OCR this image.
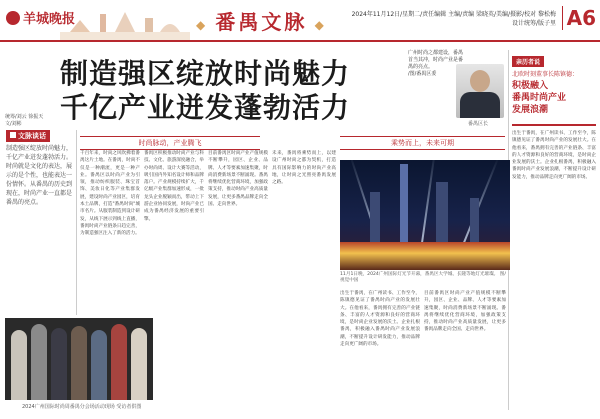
羊城晚报	◆ 番禺文脉 ◆
2024年11月12日/星期二/责任编辑 主编/责编 梁晓英/美编/摄影/校对 黎松梅
设计统筹/版子里 A6
制造强区绽放时尚魅力
千亿产业迸发蓬勃活力
统筹/刘云 徐振天
文/刘彬
广州时尚之都建设，番禺首当其冲，时尚产业是番禺的亮点。
/图/番禺区委
番禺区长
文脉谈话
制造强区绽放时尚魅力，千亿产业迸发蓬勃活力。时尚就是文化的表达，展示的是个性，也能表达一份情怀。从番禺的历史到现在，时尚产业一直都是番禺的亮点。
时尚脉动，产业腾飞	乘势而上，未来可期
千百年来，时尚之风吹拂着番禺这片土地。在番禺，时尚不仅是一种潮流，更是一种产业。番禺区以时尚产业为引领，推动纺织服装、珠宝首饰、美妆日化等产业集群发展，建设时尚产业园区，培育本土品牌，打造"番禺时尚"城市名片。从服装制造到设计研发，从线下展示到线上直播，番禺时尚产业链条日趋完善，为制造强区注入了新的活力。
番禺区积极推动时尚产业与科技、文化、旅游深度融合，举办时尚周、设计大赛等活动，吸引国内外知名设计师和品牌落户。产业规模持续扩大，千亿级产业集群加速形成，一批龙头企业脱颖而出，带动上下游企业协同发展，时尚产业已成为番禺经济发展的重要引擎。
目前番禺区时尚产业产值规模不断攀升，园区、企业、品牌、人才等要素加速集聚，时尚消费新场景不断涌现。番禺将继续优化营商环境，加强政策支持，推动时尚产业高质量发展，让更多番禺品牌走向全国、走向世界。
未来，番禺将乘势而上，以建设广州时尚之都为契机，打造具有国际影响力的时尚产业高地，让时尚之光照亮番禺发展之路。
出生于番禺，在广州读书、工作至今，陈镇德见证了番禺时尚产业的发展壮大。在他看来，番禺拥有完善的产业链条、丰富的人才资源和良好的营商环境，是时尚企业发展的沃土。企业扎根番禺，积极融入番禺时尚产业发展浪潮，不断提升设计研发能力，推动品牌走向更广阔的市场。
目前番禺区时尚产业产值规模不断攀升，园区、企业、品牌、人才等要素加速集聚，时尚消费新场景不断涌现。番禺将继续优化营商环境，加强政策支持，推动时尚产业高质量发展，让更多番禺品牌走向全国、走向世界。
2024广州国际时尚周番禺分会场活动现场 受访者供图
11月1日晚，2024广州国际灯光节开幕，番禺区大学城、长隆等地灯光璀璨。 图/视觉中国
亲历者说
北欧时刻董事长陈镇德：
积极融入
番禺时尚产业
发展浪潮
出生于番禺，在广州读书、工作至今，陈镇德见证了番禺时尚产业的发展壮大。在他看来，番禺拥有完善的产业链条、丰富的人才资源和良好的营商环境，是时尚企业发展的沃土。企业扎根番禺，积极融入番禺时尚产业发展浪潮，不断提升设计研发能力，推动品牌走向更广阔的市场。
